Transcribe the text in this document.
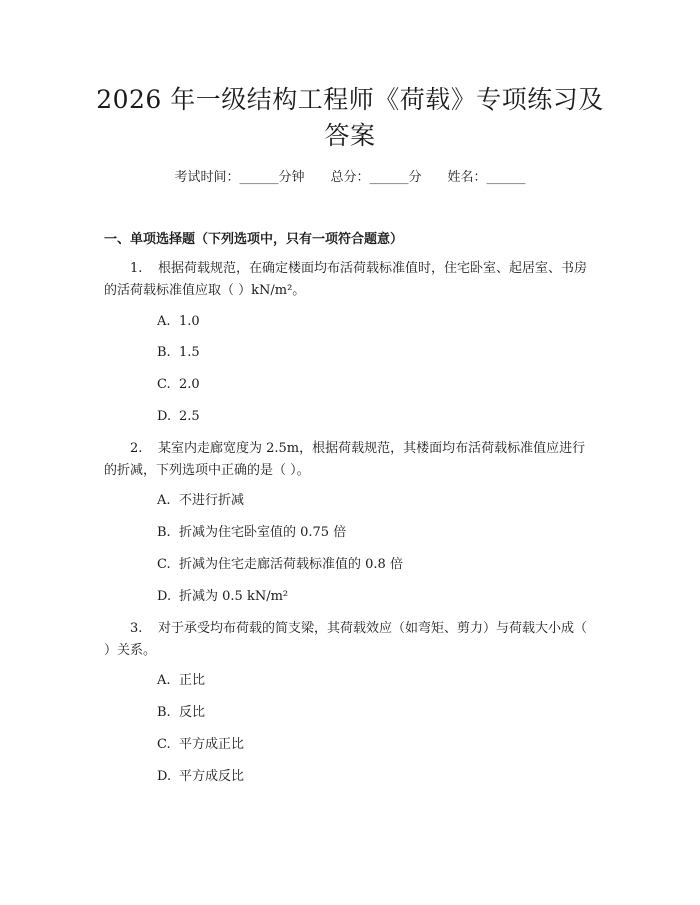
2026 年一级结构工程师《荷载》专项练习及答案
考试时间：______分钟 总分：______分 姓名：______
一、单项选择题（下列选项中，只有一项符合题意）

1. 根据荷载规范，在确定楼面均布活荷载标准值时，住宅卧室、起居室、书房的活荷载标准值应取（ ）kN/m²。

A. 1.0
B. 1.5
C. 2.0
D. 2.5

2. 某室内走廊宽度为 2.5m，根据荷载规范，其楼面均布活荷载标准值应进行的折减，下列选项中正确的是（ ）。

A. 不进行折减
B. 折减为住宅卧室值的 0.75 倍
C. 折减为住宅走廊活荷载标准值的 0.8 倍
D. 折减为 0.5 kN/m²

3. 对于承受均布荷载的简支梁，其荷载效应（如弯矩、剪力）与荷载大小成（ ）关系。

A. 正比
B. 反比
C. 平方成正比
D. 平方成反比
